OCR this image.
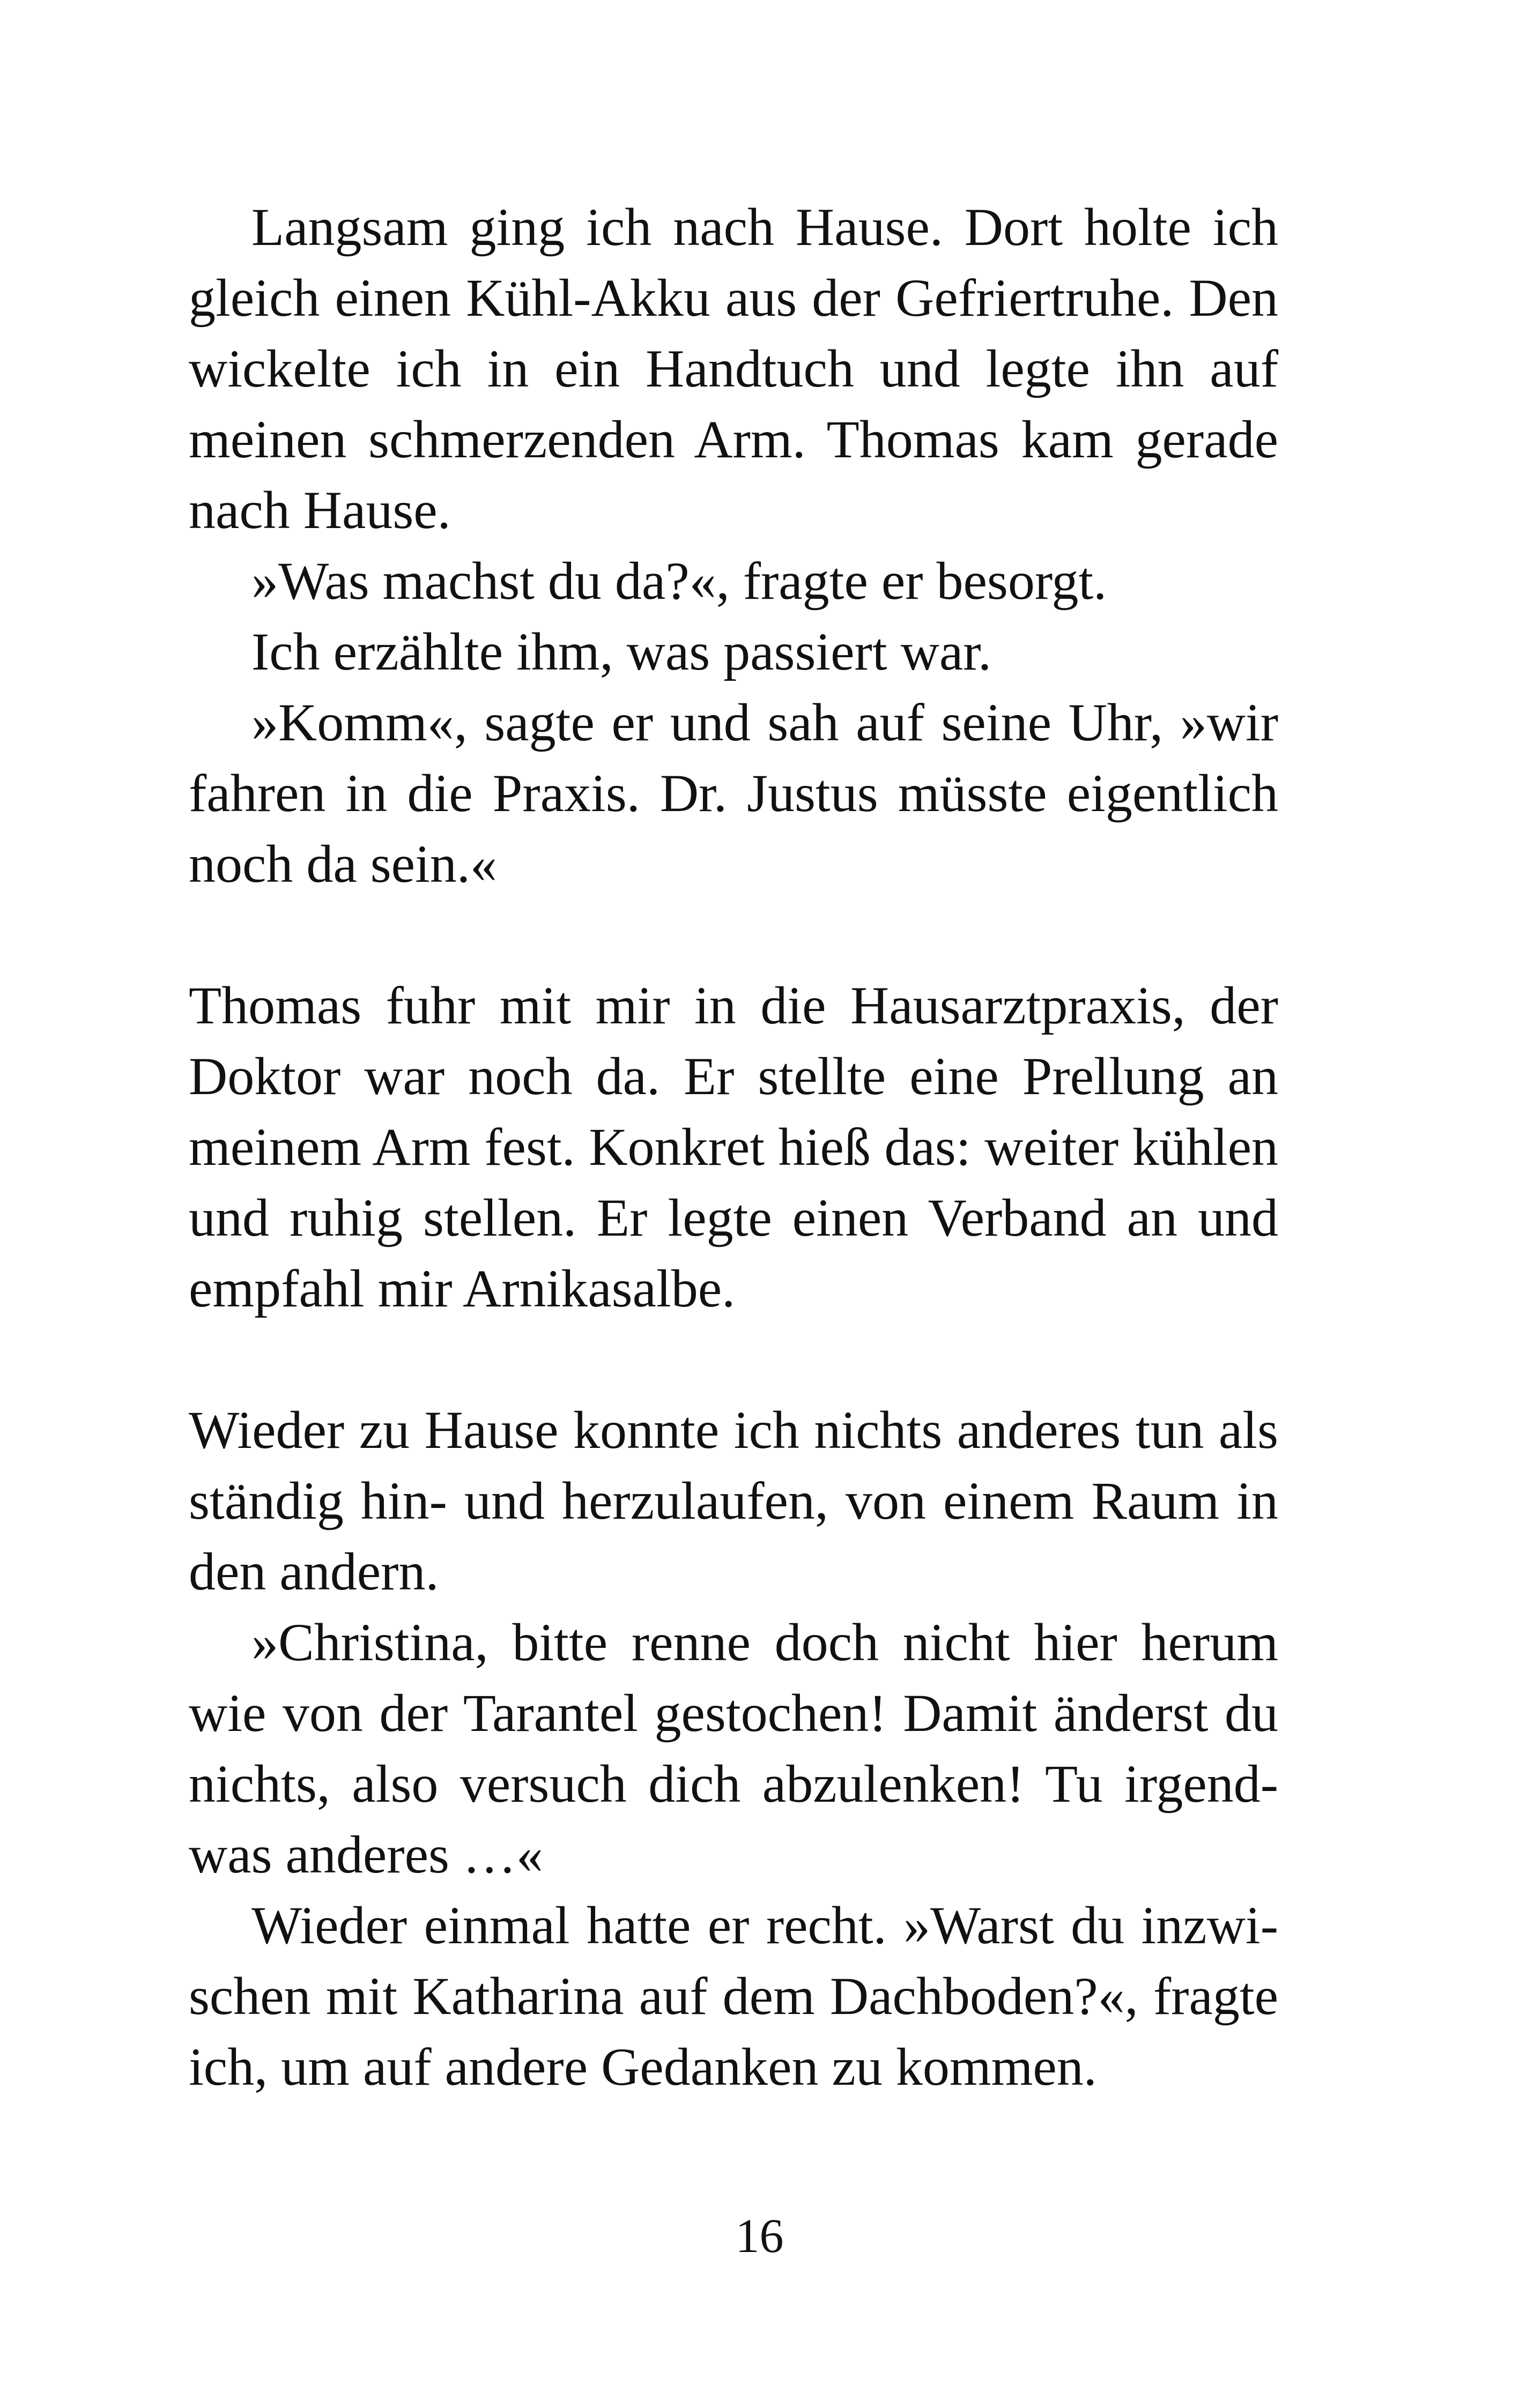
Langsam ging ich nach Hause. Dort holte ich
gleich einen Kühl-Akku aus der Gefriertruhe. Den
wickelte ich in ein Handtuch und legte ihn auf
meinen schmerzenden Arm. Thomas kam gerade
nach Hause.
»Was machst du da?«, fragte er besorgt.
Ich erzählte ihm, was passiert war.
»Komm«, sagte er und sah auf seine Uhr, »wir
fahren in die Praxis. Dr. Justus müsste eigentlich
noch da sein.«
Thomas fuhr mit mir in die Hausarztpraxis, der
Doktor war noch da. Er stellte eine Prellung an
meinem Arm fest. Konkret hieß das: weiter kühlen
und ruhig stellen. Er legte einen Verband an und
empfahl mir Arnikasalbe.
Wieder zu Hause konnte ich nichts anderes tun als
ständig hin- und herzulaufen, von einem Raum in
den andern.
»Christina, bitte renne doch nicht hier herum
wie von der Tarantel gestochen! Damit änderst du
nichts, also versuch dich abzulenken! Tu irgend-
was anderes …«
Wieder einmal hatte er recht. »Warst du inzwi-
schen mit Katharina auf dem Dachboden?«, fragte
ich, um auf andere Gedanken zu kommen.
16
